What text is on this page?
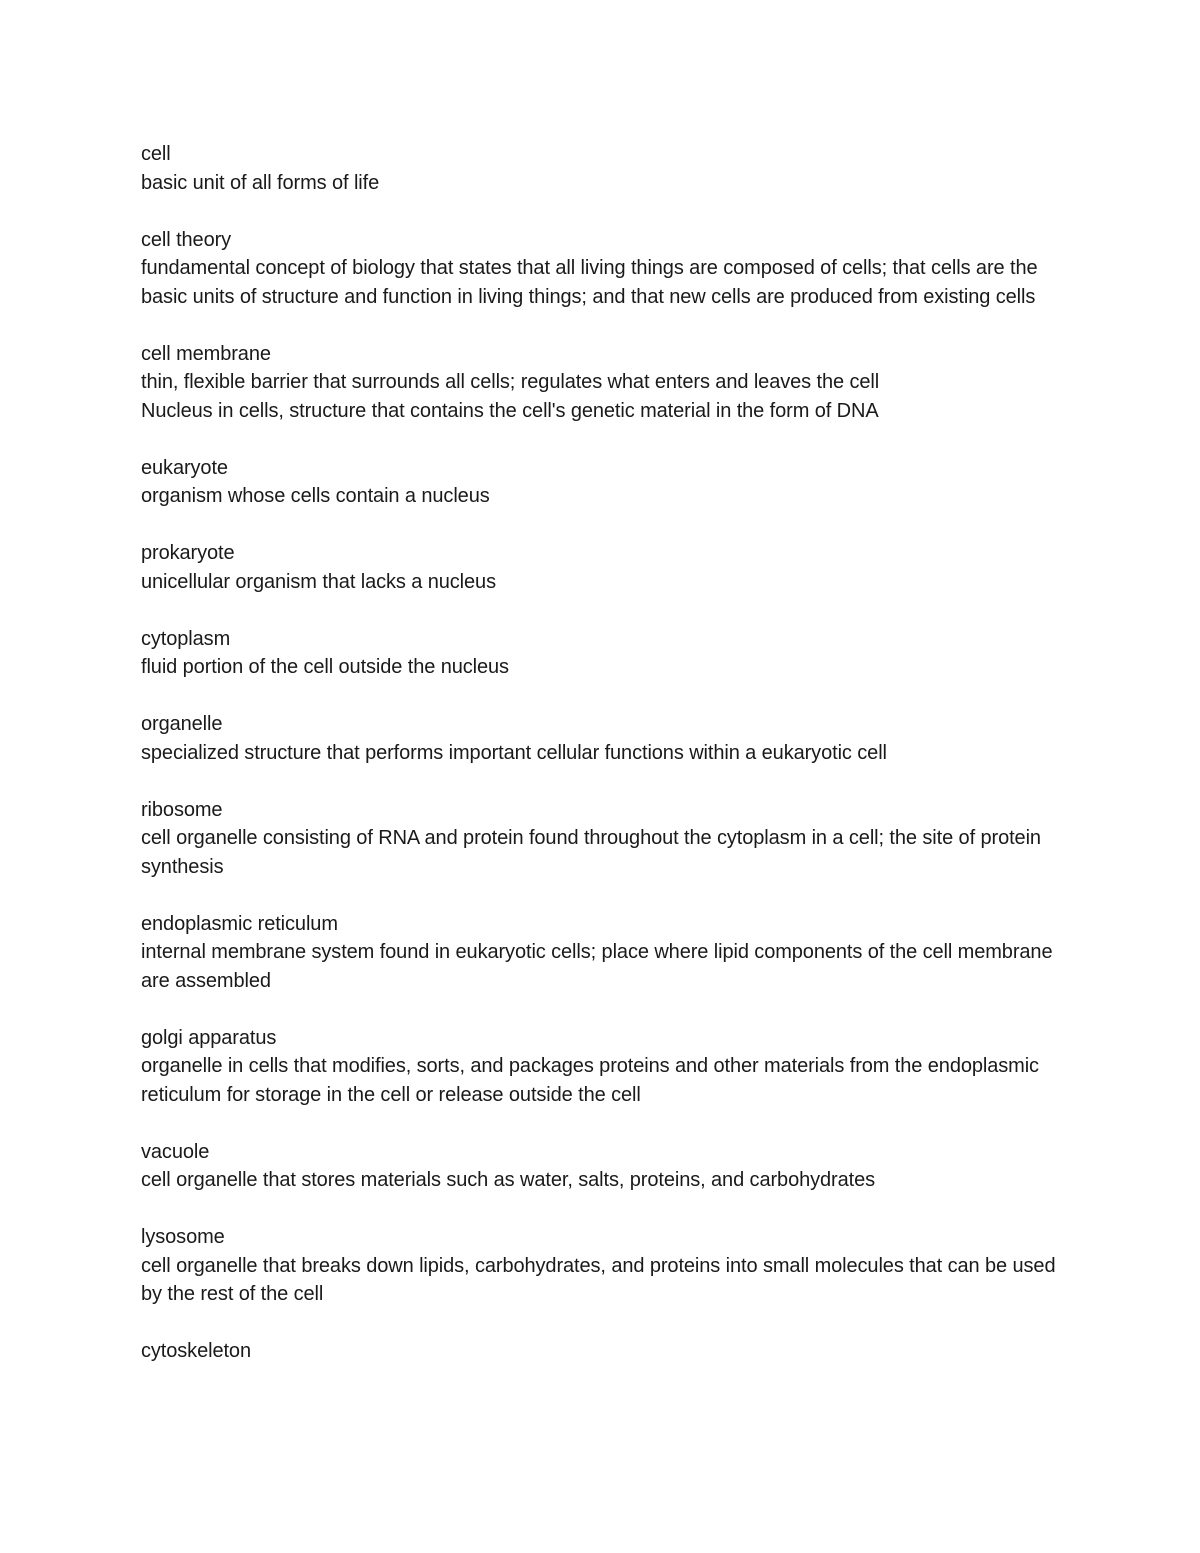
cell
basic unit of all forms of life
cell theory
fundamental concept of biology that states that all living things are composed of cells; that cells are the basic units of structure and function in living things; and that new cells are produced from existing cells
cell membrane
thin, flexible barrier that surrounds all cells; regulates what enters and leaves the cell
Nucleus in cells, structure that contains the cell's genetic material in the form of DNA
eukaryote
organism whose cells contain a nucleus
prokaryote
unicellular organism that lacks a nucleus
cytoplasm
fluid portion of the cell outside the nucleus
organelle
specialized structure that performs important cellular functions within a eukaryotic cell
ribosome
cell organelle consisting of RNA and protein found throughout the cytoplasm in a cell; the site of protein synthesis
endoplasmic reticulum
internal membrane system found in eukaryotic cells; place where lipid components of the cell membrane are assembled
golgi apparatus
organelle in cells that modifies, sorts, and packages proteins and other materials from the endoplasmic reticulum for storage in the cell or release outside the cell
vacuole
cell organelle that stores materials such as water, salts, proteins, and carbohydrates
lysosome
cell organelle that breaks down lipids, carbohydrates, and proteins into small molecules that can be used by the rest of the cell
cytoskeleton
